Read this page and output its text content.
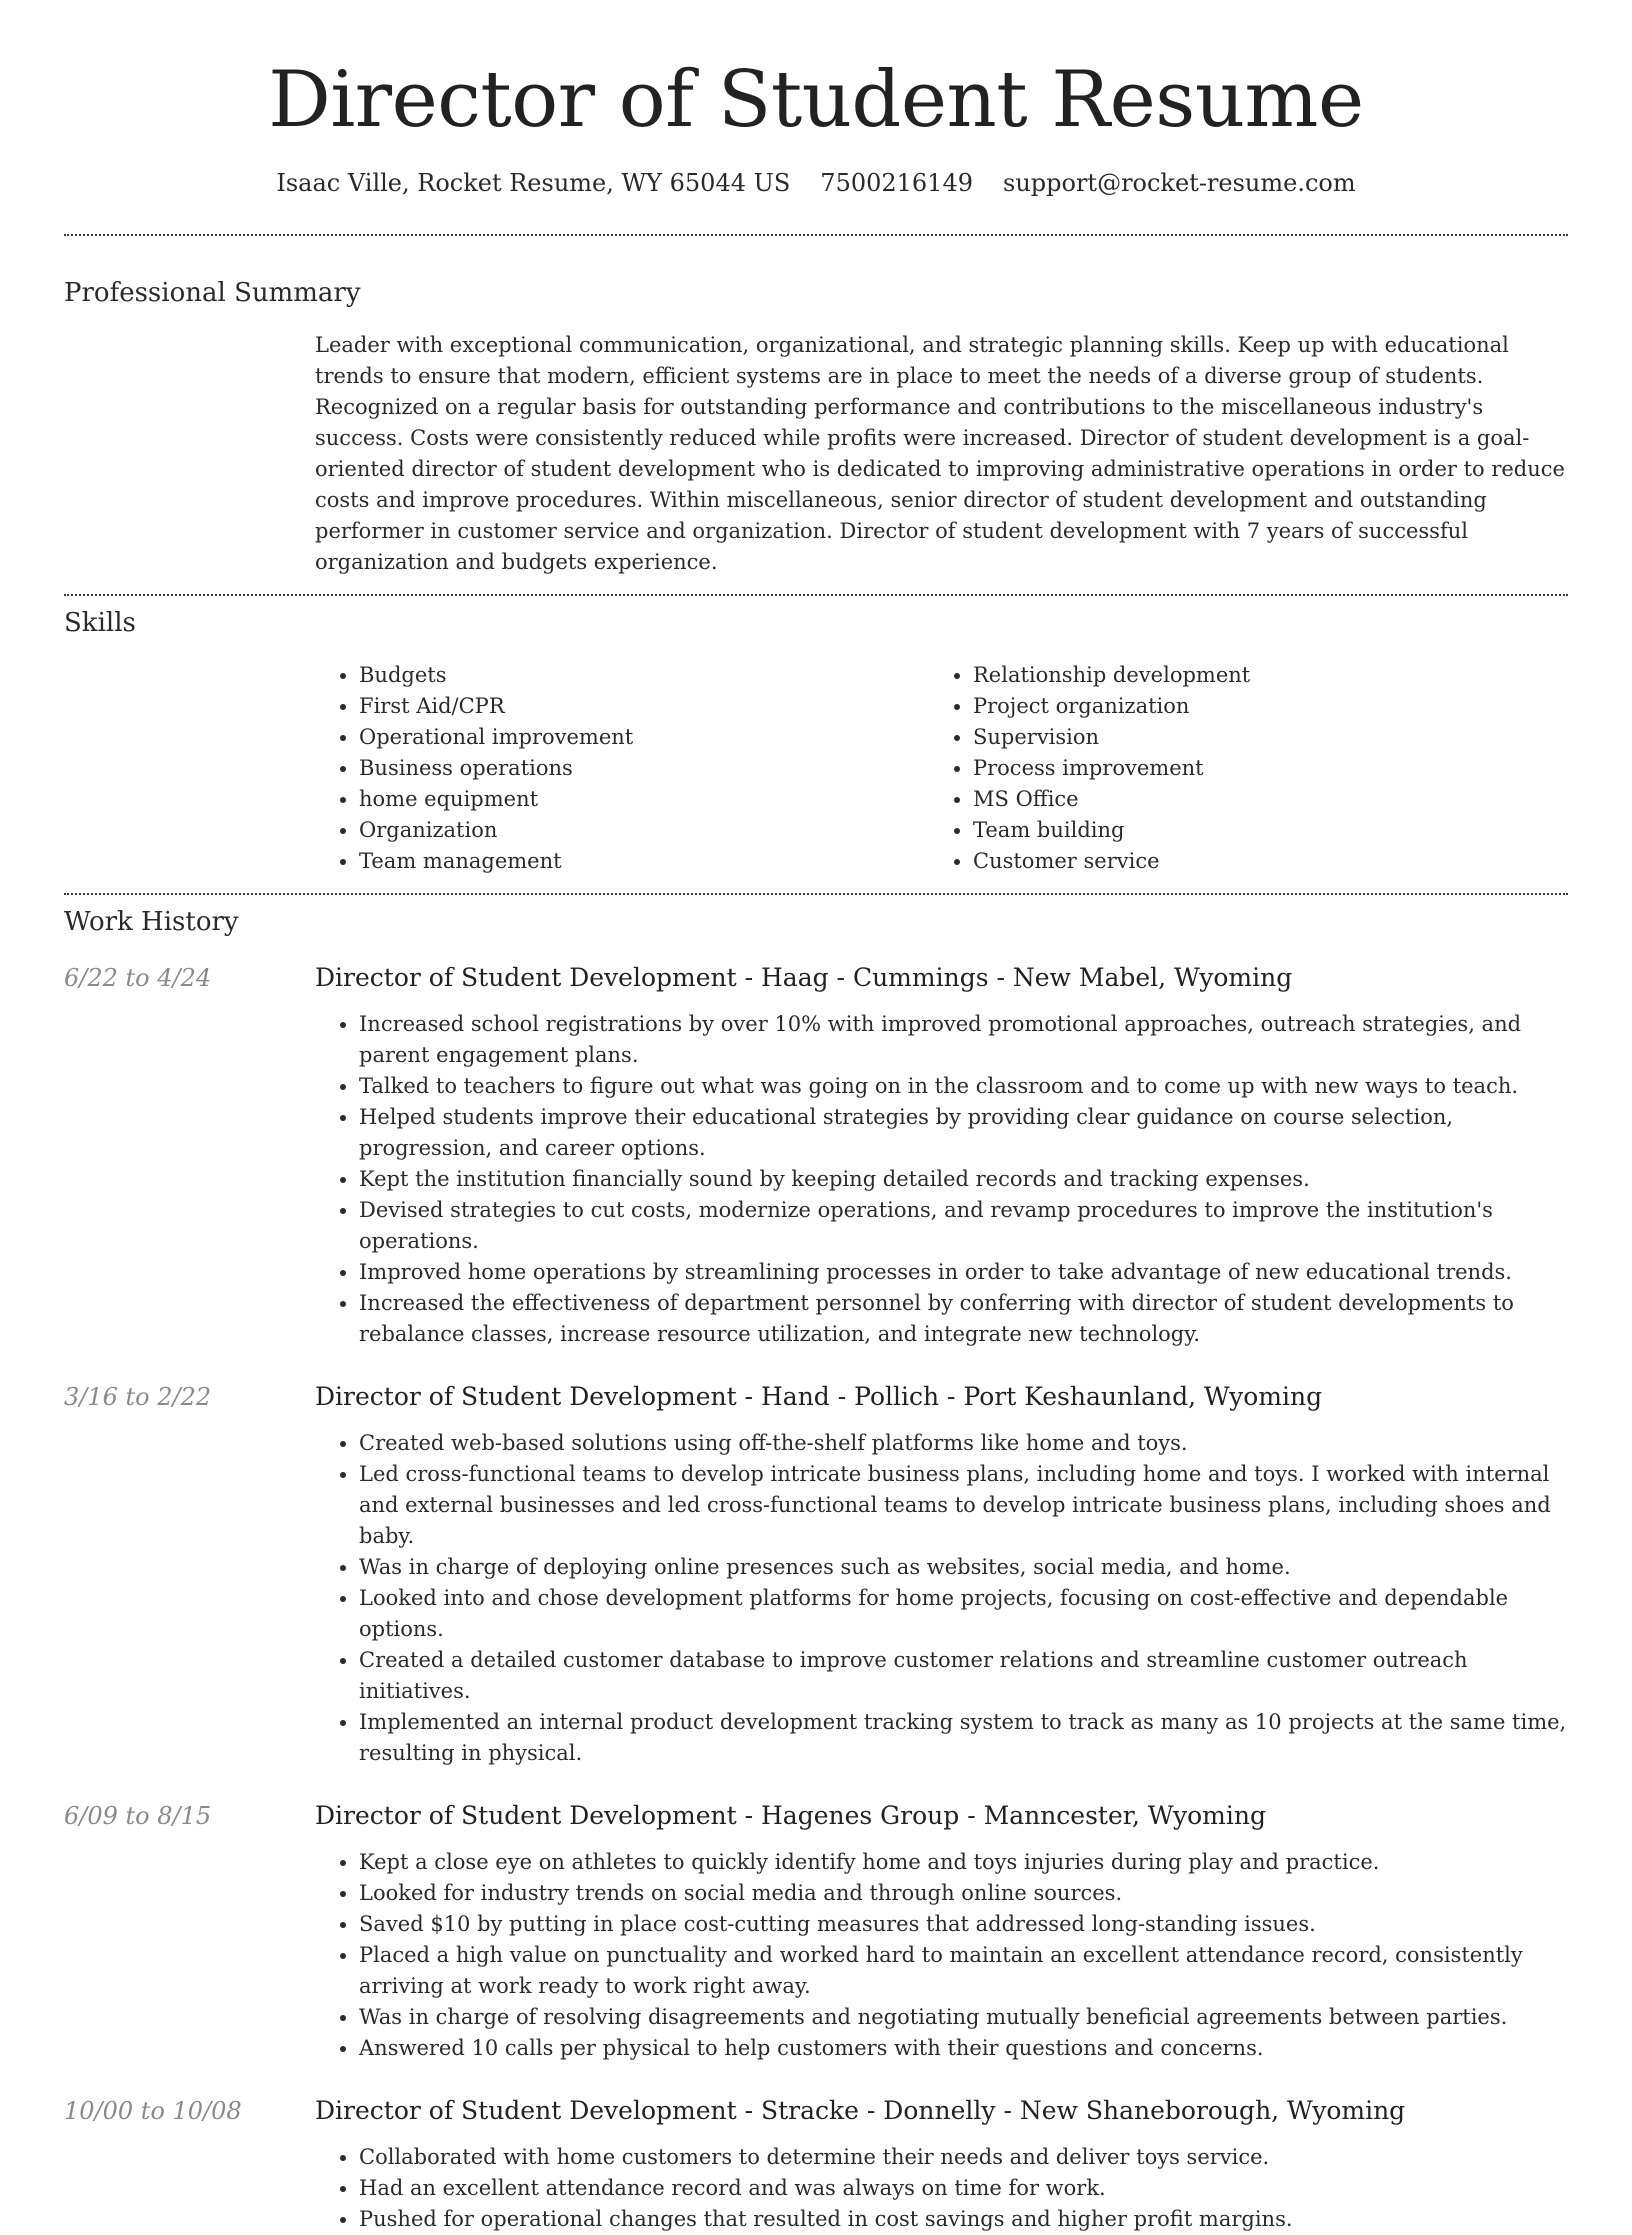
Director of Student Resume
Isaac Ville, Rocket Resume, WY 65044 US 7500216149 support@rocket-resume.com
Professional Summary
Leader with exceptional communication, organizational, and strategic planning skills. Keep up with educational trends to ensure that modern, efficient systems are in place to meet the needs of a diverse group of students. Recognized on a regular basis for outstanding performance and contributions to the miscellaneous industry's success. Costs were consistently reduced while profits were increased. Director of student development is a goal-oriented director of student development who is dedicated to improving administrative operations in order to reduce costs and improve procedures. Within miscellaneous, senior director of student development and outstanding performer in customer service and organization. Director of student development with 7 years of successful organization and budgets experience.
Skills
• Budgets
• First Aid/CPR
• Operational improvement
• Business operations
• home equipment
• Organization
• Team management
• Relationship development
• Project organization
• Supervision
• Process improvement
• MS Office
• Team building
• Customer service
Work History
6/22 to 4/24	Director of Student Development - Haag - Cummings - New Mabel, Wyoming
• Increased school registrations by over 10% with improved promotional approaches, outreach strategies, and parent engagement plans.
• Talked to teachers to figure out what was going on in the classroom and to come up with new ways to teach.
• Helped students improve their educational strategies by providing clear guidance on course selection, progression, and career options.
• Kept the institution financially sound by keeping detailed records and tracking expenses.
• Devised strategies to cut costs, modernize operations, and revamp procedures to improve the institution's operations.
• Improved home operations by streamlining processes in order to take advantage of new educational trends.
• Increased the effectiveness of department personnel by conferring with director of student developments to rebalance classes, increase resource utilization, and integrate new technology.
3/16 to 2/22	Director of Student Development - Hand - Pollich - Port Keshaunland, Wyoming
• Created web-based solutions using off-the-shelf platforms like home and toys.
• Led cross-functional teams to develop intricate business plans, including home and toys. I worked with internal and external businesses and led cross-functional teams to develop intricate business plans, including shoes and baby.
• Was in charge of deploying online presences such as websites, social media, and home.
• Looked into and chose development platforms for home projects, focusing on cost-effective and dependable options.
• Created a detailed customer database to improve customer relations and streamline customer outreach initiatives.
• Implemented an internal product development tracking system to track as many as 10 projects at the same time, resulting in physical.
6/09 to 8/15	Director of Student Development - Hagenes Group - Manncester, Wyoming
• Kept a close eye on athletes to quickly identify home and toys injuries during play and practice.
• Looked for industry trends on social media and through online sources.
• Saved $10 by putting in place cost-cutting measures that addressed long-standing issues.
• Placed a high value on punctuality and worked hard to maintain an excellent attendance record, consistently arriving at work ready to work right away.
• Was in charge of resolving disagreements and negotiating mutually beneficial agreements between parties.
• Answered 10 calls per physical to help customers with their questions and concerns.
10/00 to 10/08	Director of Student Development - Stracke - Donnelly - New Shaneborough, Wyoming
• Collaborated with home customers to determine their needs and deliver toys service.
• Had an excellent attendance record and was always on time for work.
• Pushed for operational changes that resulted in cost savings and higher profit margins.
